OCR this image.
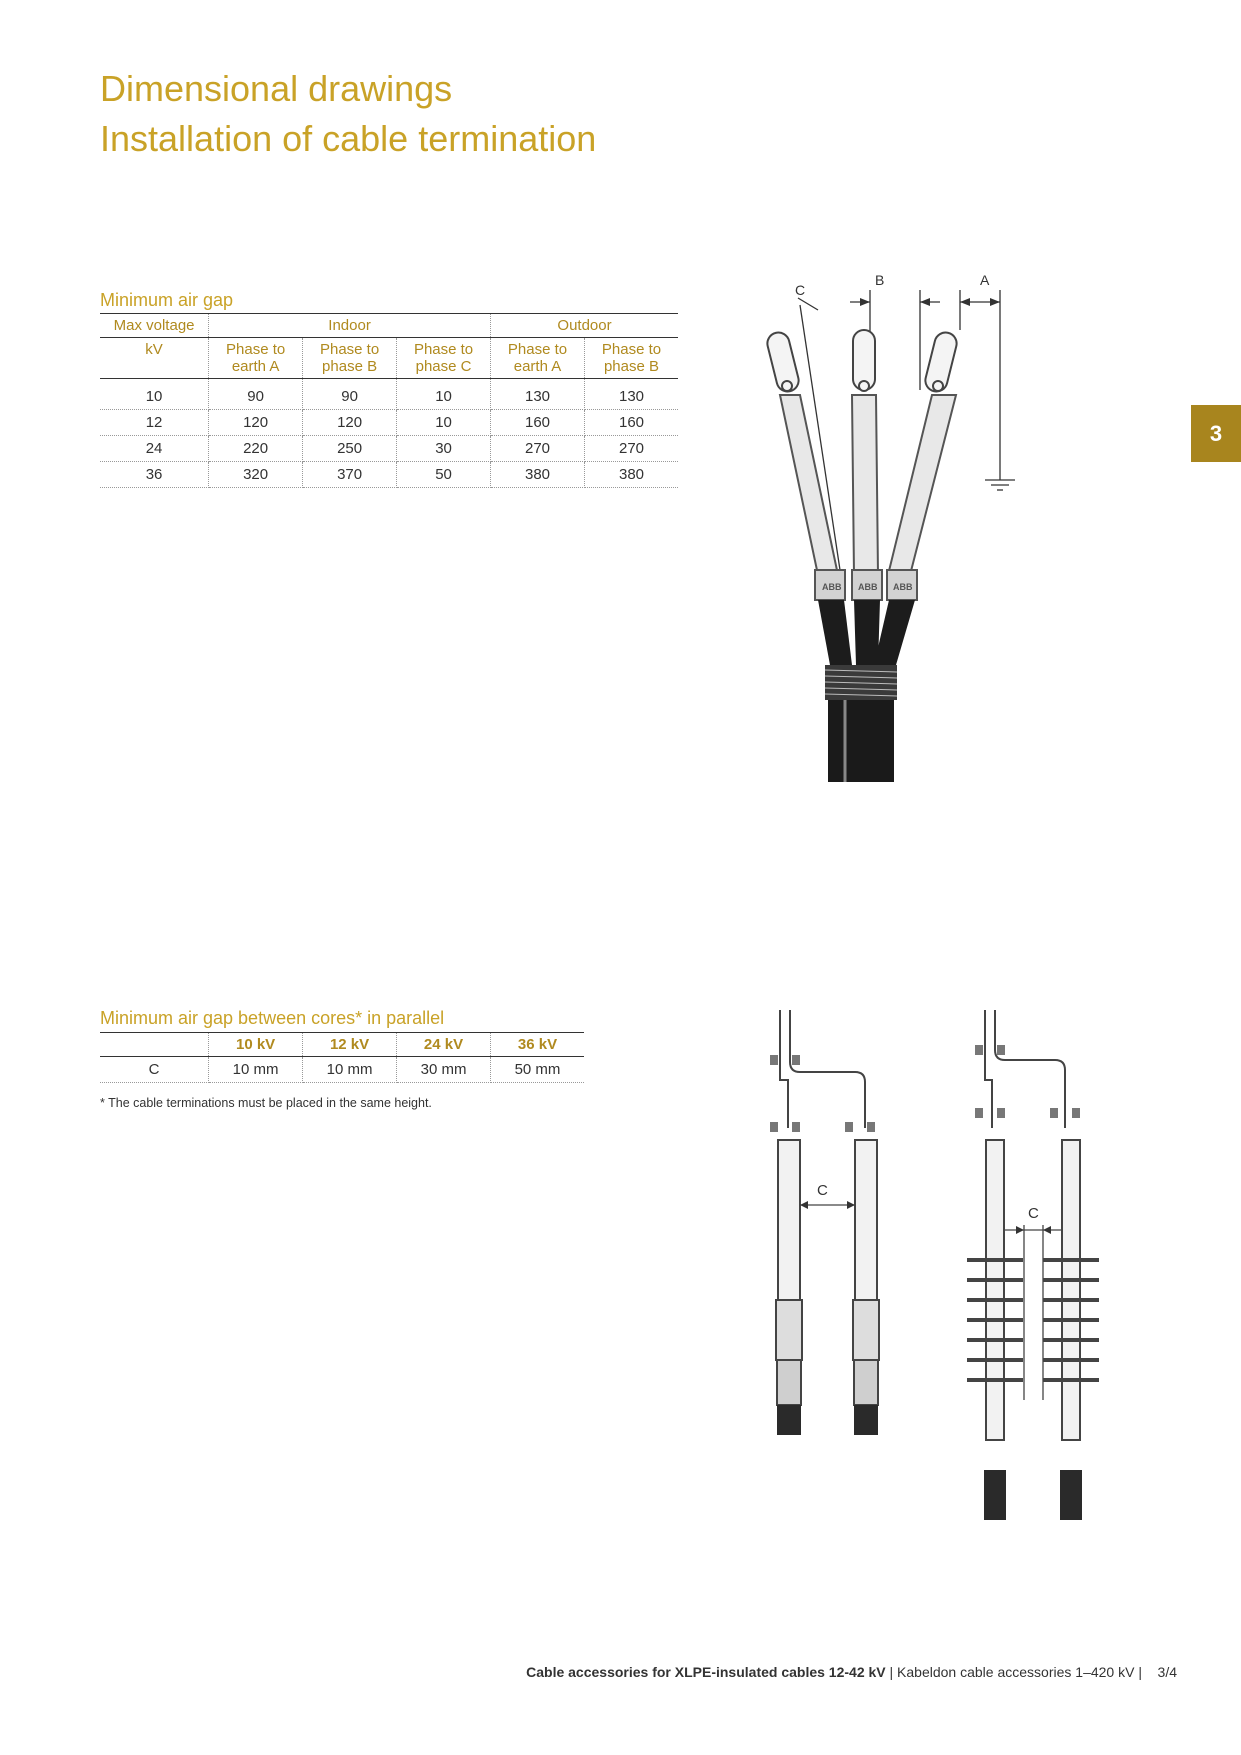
Dimensional drawings
Installation of cable termination
3
Minimum air gap
Max voltage	Indoor			Outdoor	
kV	Phase to earth A	Phase to phase B	Phase to phase C	Phase to earth A	Phase to phase B
10	90	90	10	130	130
12	120	120	10	160	160
24	220	250	30	270	270
36	320	370	50	380	380
B	A
C
ABB ABB ABB
Minimum air gap between cores* in parallel
	10 kV	12 kV	24 kV	36 kV
C	10 mm	10 mm	30 mm	50 mm
* The cable terminations must be placed in the same height.
C
C
Cable accessories for XLPE-insulated cables 12-42 kV | Kabeldon cable accessories 1–420 kV | 3/4
